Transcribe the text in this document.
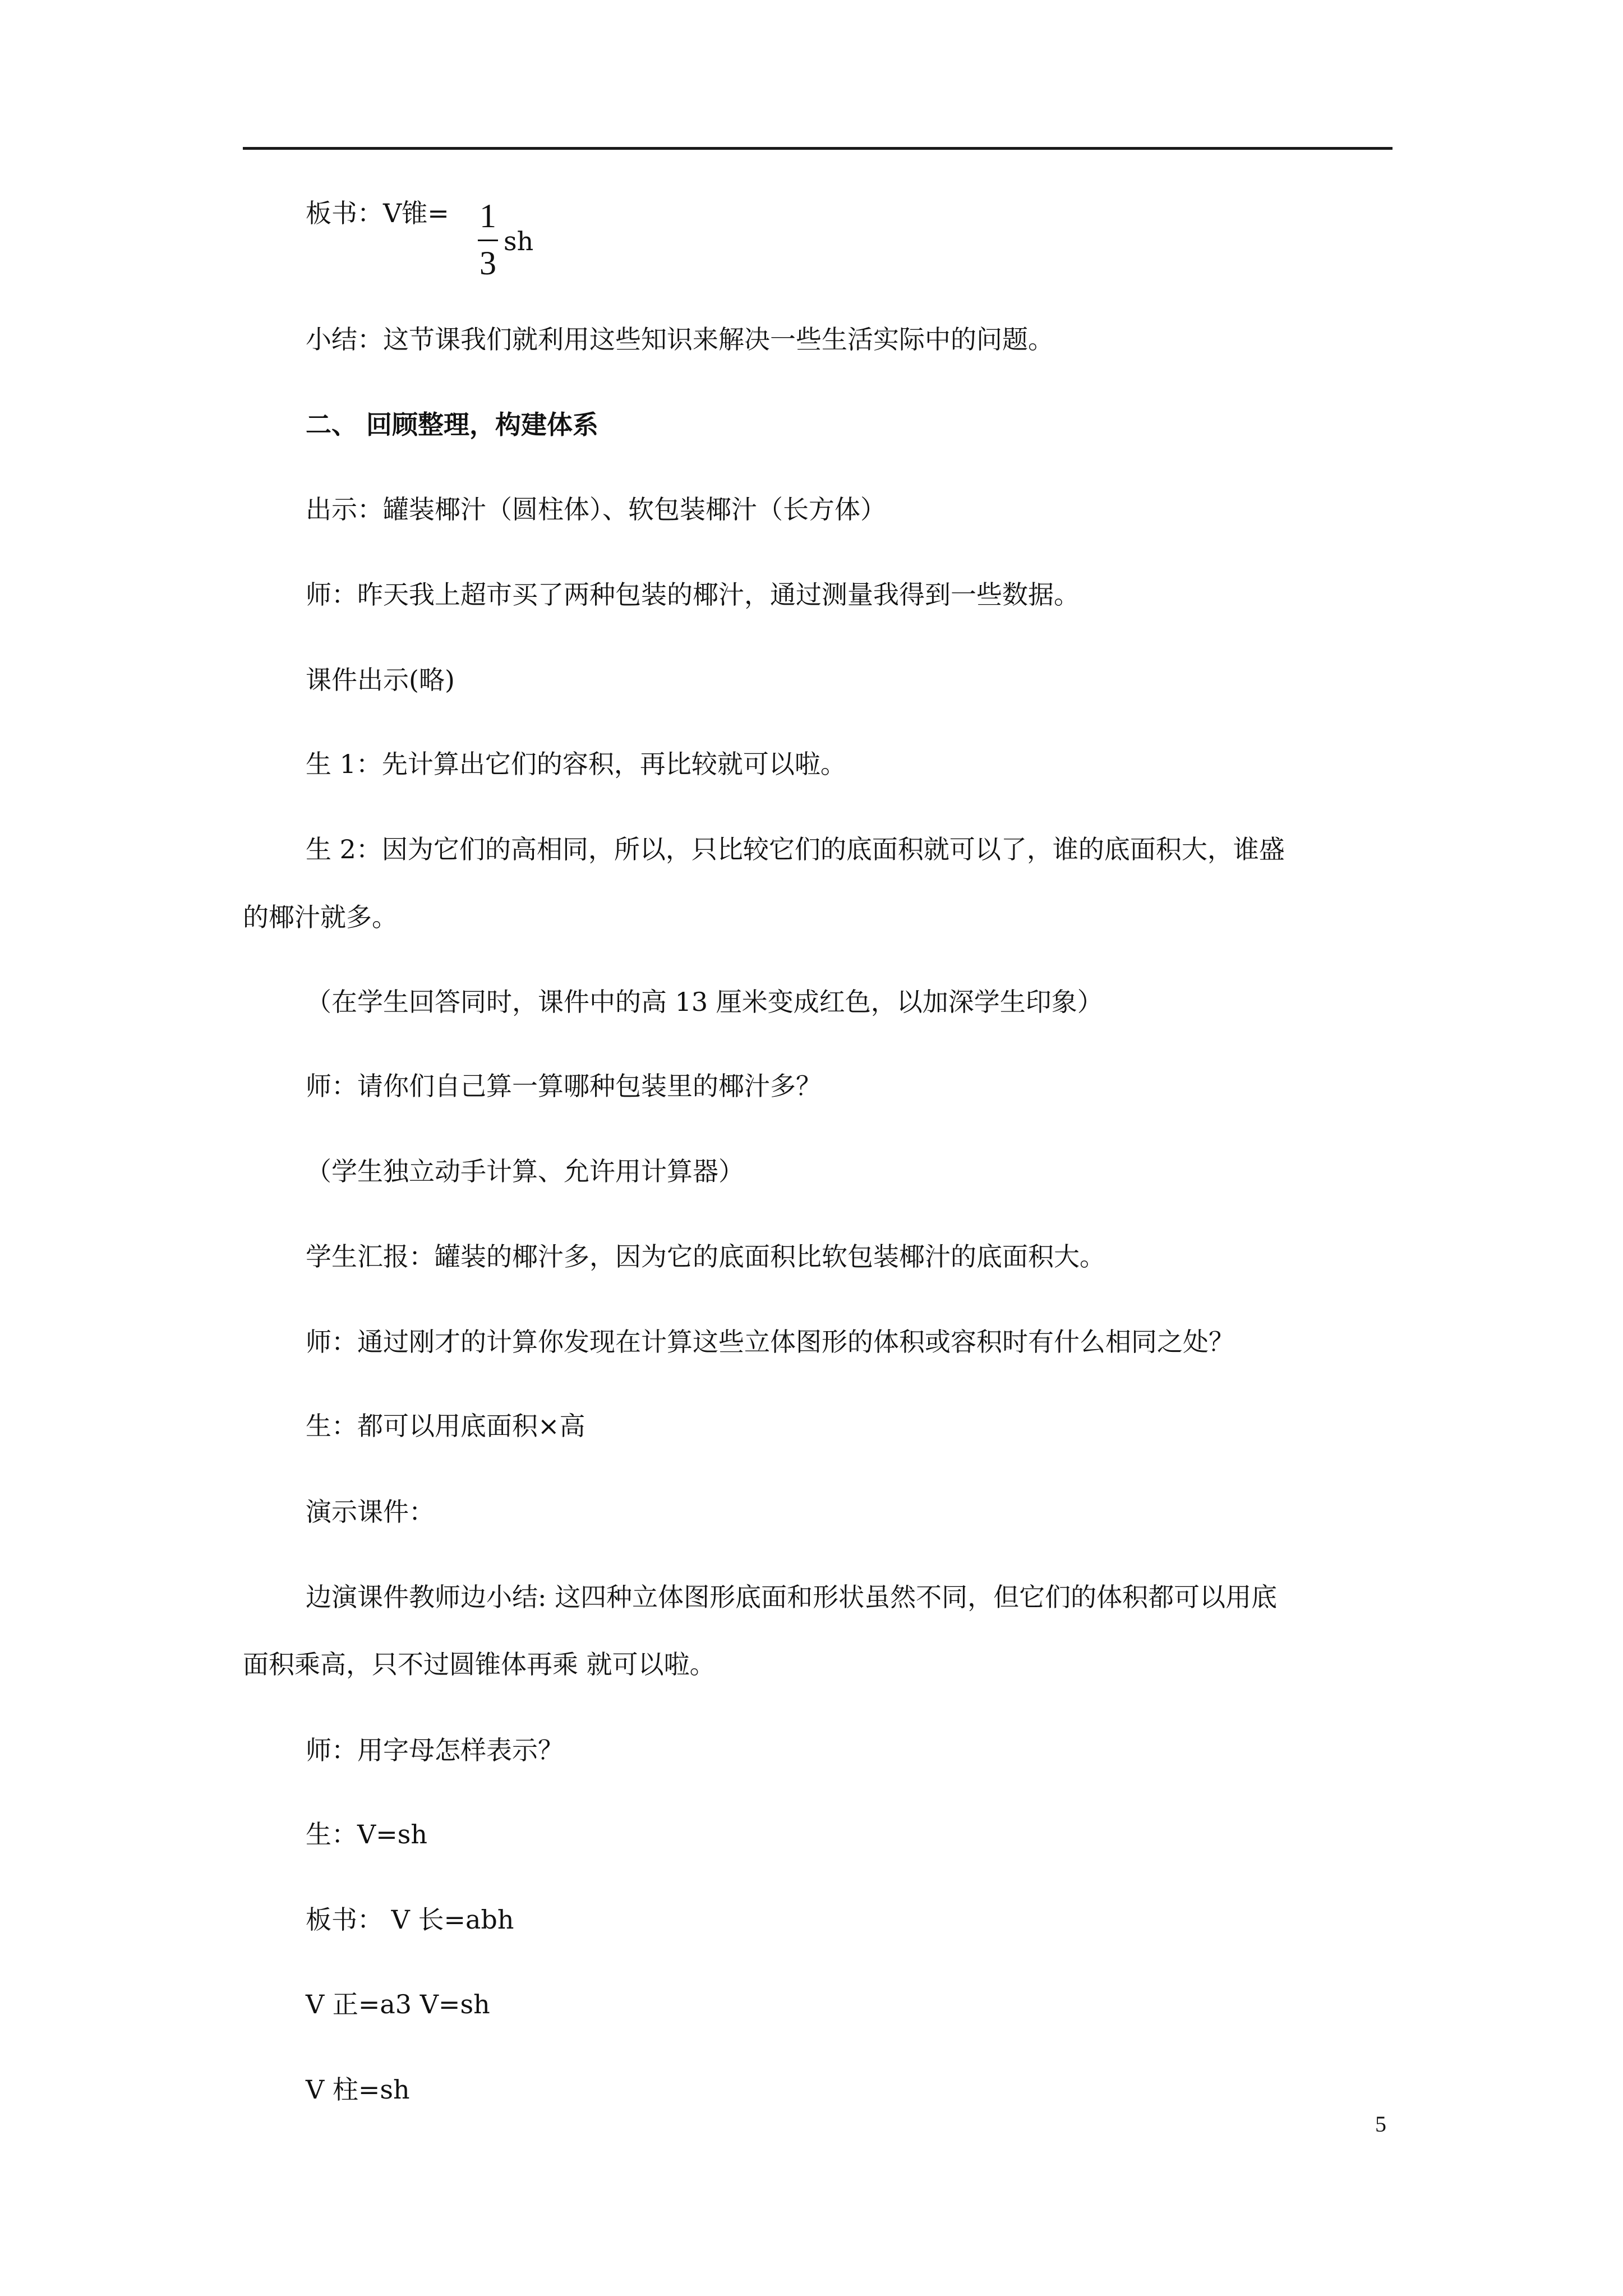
板书：V锥= 1
3
sh
小结：这节课我们就利用这些知识来解决一些生活实际中的问题。
二、 回顾整理，构建体系
出示：罐装椰汁（圆柱体）、软包装椰汁（长方体）
师：昨天我上超市买了两种包装的椰汁，通过测量我得到一些数据。
课件出示(略)
生 1：先计算出它们的容积，再比较就可以啦。
生 2：因为它们的高相同，所以，只比较它们的底面积就可以了，谁的底面积大，谁盛
的椰汁就多。
（在学生回答同时，课件中的高 13 厘米变成红色，以加深学生印象）
师：请你们自己算一算哪种包装里的椰汁多？
（学生独立动手计算、允许用计算器）
学生汇报：罐装的椰汁多，因为它的底面积比软包装椰汁的底面积大。
师：通过刚才的计算你发现在计算这些立体图形的体积或容积时有什么相同之处？
生：都可以用底面积×高
演示课件：
边演课件教师边小结: 这四种立体图形底面和形状虽然不同，但它们的体积都可以用底
面积乘高，只不过圆锥体再乘 就可以啦。
师：用字母怎样表示？
生：V=sh
板书： V 长=abh
V 正=a3 V=sh
V 柱=sh
5
